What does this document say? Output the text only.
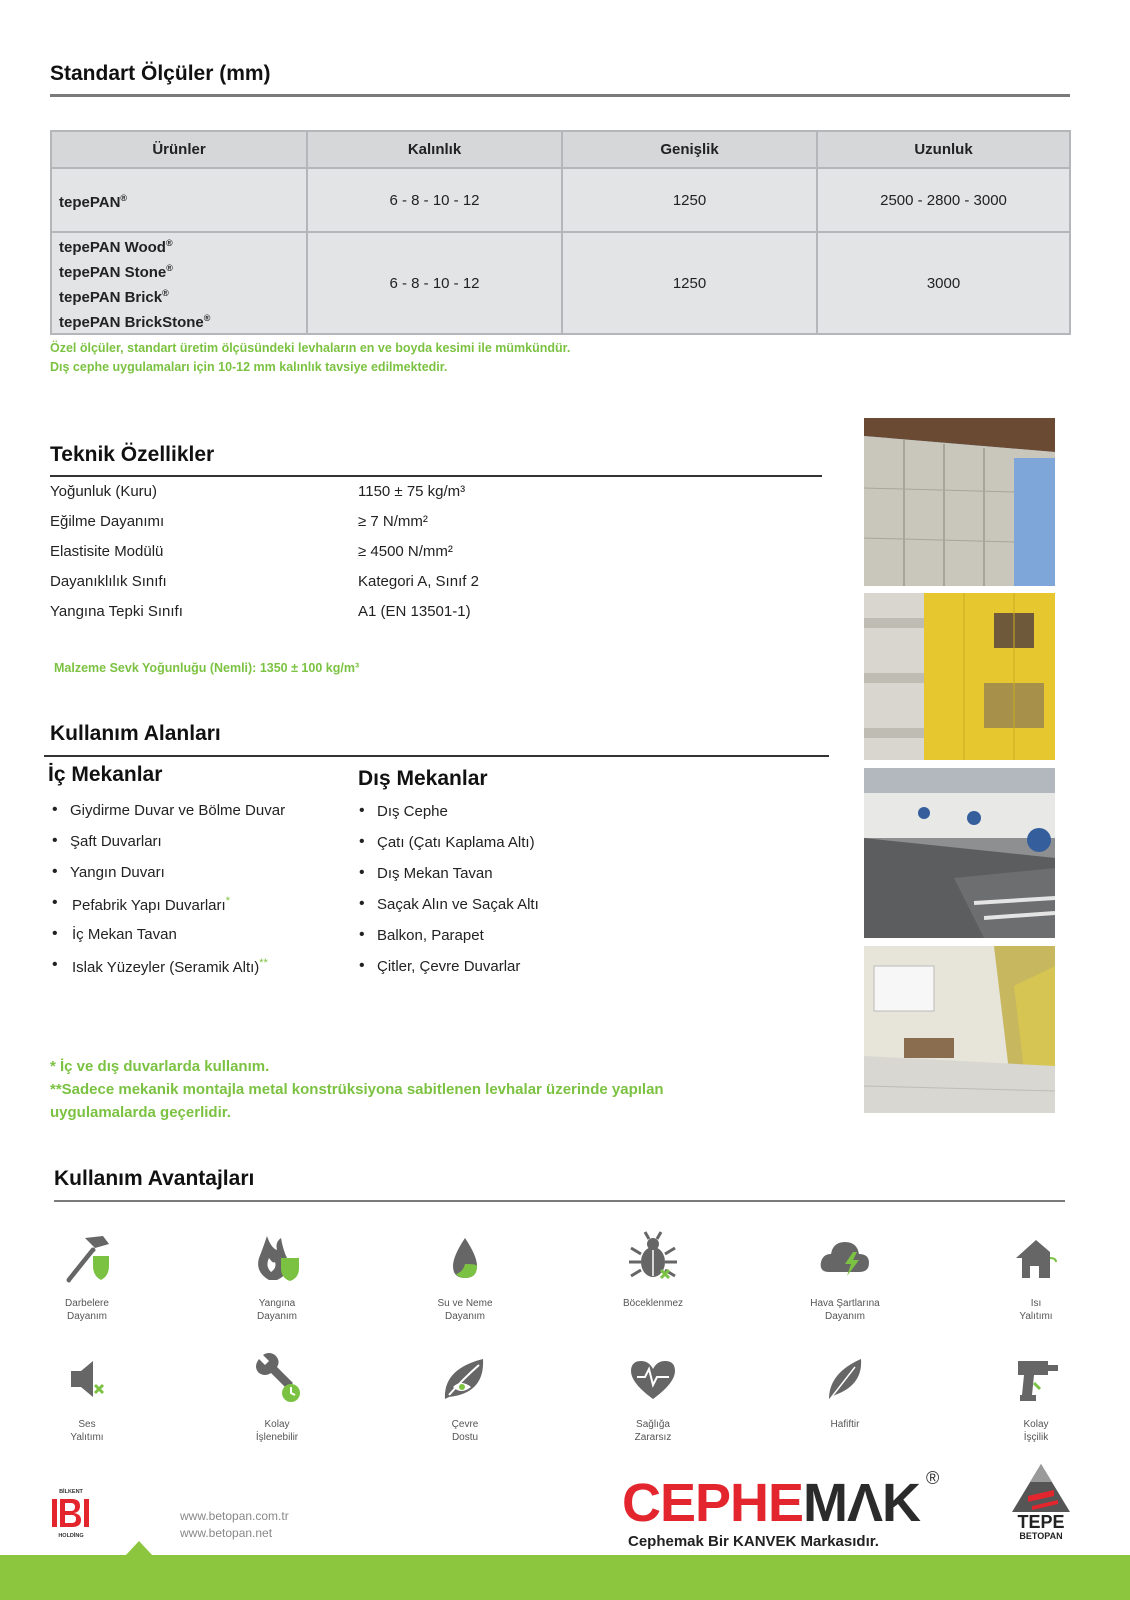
Standart Ölçüler (mm)
Ürünler	Kalınlık	Genişlik	Uzunluk
tepePAN®	6 - 8 - 10 - 12	1250	2500 - 2800 - 3000

tepePAN Wood®
tepePAN Stone®
tepePAN Brick®
tepePAN BrickStone®	6 - 8 - 10 - 12	1250	3000
Özel ölçüler, standart üretim ölçüsündeki levhaların en ve boyda kesimi ile mümkündür.
Dış cephe uygulamaları için 10-12 mm kalınlık tavsiye edilmektedir.
Teknik Özellikler
Yoğunluk (Kuru)	1150 ± 75 kg/m³
Eğilme Dayanımı	≥ 7 N/mm²
Elastisite Modülü	≥ 4500 N/mm²
Dayanıklılık Sınıfı	Kategori A, Sınıf 2
Yangına Tepki Sınıfı	A1 (EN 13501-1)
Malzeme Sevk Yoğunluğu (Nemli): 1350 ± 100 kg/m³
Kullanım Alanları
İç Mekanlar
• Giydirme Duvar ve Bölme Duvar
• Şaft Duvarları
• Yangın Duvarı
• Pefabrik Yapı Duvarları*
• İç Mekan Tavan
• Islak Yüzeyler (Seramik Altı)**
Dış Mekanlar
• Dış Cephe
• Çatı (Çatı Kaplama Altı)
• Dış Mekan Tavan
• Saçak Alın ve Saçak Altı
• Balkon, Parapet
• Çitler, Çevre Duvarlar
* İç ve dış duvarlarda kullanım.
**Sadece mekanik montajla metal konstrüksiyona sabitlenen levhalar üzerinde yapılan
uygulamalarda geçerlidir.
Kullanım Avantajları
Darbelere
Dayanım
Yangına
Dayanım
Su ve Neme
Dayanım
Böceklenmez	Hava Şartlarına
Dayanım
Isı
Yalıtımı
Ses
Yalıtımı
Kolay
İşlenebilir
Çevre
Dostu
Sağlığa
Zararsız
Hafiftir	Kolay
İşçilik
BİLKENT
HOLDİNG
www.betopan.com.tr
www.betopan.net	CEPHEMΛK ®
Cephemak Bir KANVEK Markasıdır.
TEPE
BETOPAN
